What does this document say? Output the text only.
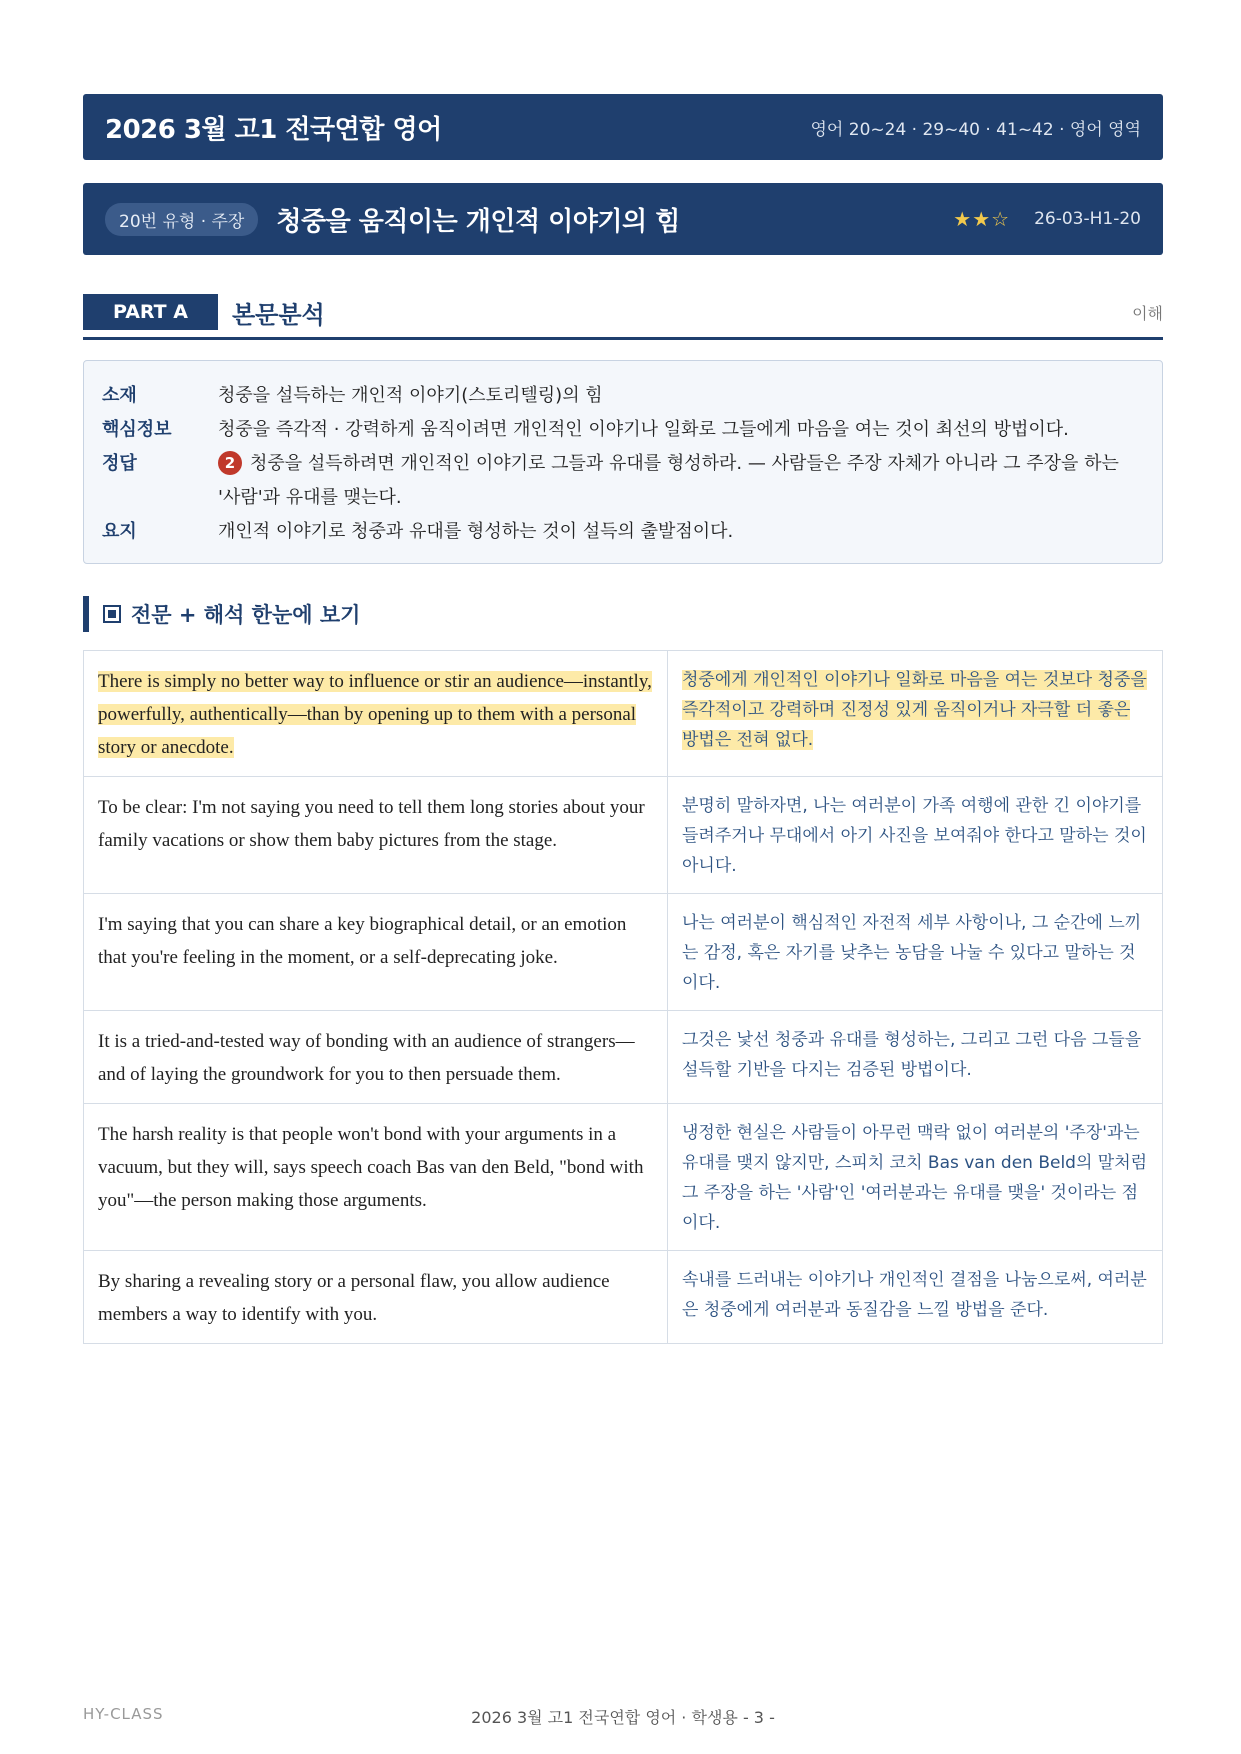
2026 3월 고1 전국연합 영어	영어 20~24 · 29~40 · 41~42 · 영어 영역
20번 유형 · 주장	청중을 움직이는 개인적 이야기의 힘	★★☆ 26-03-H1-20
PART A	본문분석	이해
소재	청중을 설득하는 개인적 이야기(스토리텔링)의 힘
핵심정보	청중을 즉각적 · 강력하게 움직이려면 개인적인 이야기나 일화로 그들에게 마음을 여는 것이 최선의 방법이다.
정답	2 청중을 설득하려면 개인적인 이야기로 그들과 유대를 형성하라. — 사람들은 주장 자체가 아니라 그 주장을 하는 '사람'과 유대를 맺는다.
요지	개인적 이야기로 청중과 유대를 형성하는 것이 설득의 출발점이다.
전문 + 해석 한눈에 보기
There is simply no better way to influence or stir an audience—instantly, powerfully, authentically—than by opening up to them with a personal story or anecdote.	청중에게 개인적인 이야기나 일화로 마음을 여는 것보다 청중을 즉각적이고 강력하며 진정성 있게 움직이거나 자극할 더 좋은 방법은 전혀 없다.
To be clear: I'm not saying you need to tell them long stories about your family vacations or show them baby pictures from the stage.	분명히 말하자면, 나는 여러분이 가족 여행에 관한 긴 이야기를 들려주거나 무대에서 아기 사진을 보여줘야 한다고 말하는 것이 아니다.
I'm saying that you can share a key biographical detail, or an emotion that you're feeling in the moment, or a self-deprecating joke.	나는 여러분이 핵심적인 자전적 세부 사항이나, 그 순간에 느끼는 감정, 혹은 자기를 낮추는 농담을 나눌 수 있다고 말하는 것이다.
It is a tried-and-tested way of bonding with an audience of strangers—and of laying the groundwork for you to then persuade them.	그것은 낯선 청중과 유대를 형성하는, 그리고 그런 다음 그들을 설득할 기반을 다지는 검증된 방법이다.
The harsh reality is that people won't bond with your arguments in a vacuum, but they will, says speech coach Bas van den Beld, "bond with you"—the person making those arguments.	냉정한 현실은 사람들이 아무런 맥락 없이 여러분의 '주장'과는 유대를 맺지 않지만, 스피치 코치 Bas van den Beld의 말처럼 그 주장을 하는 '사람'인 '여러분과는 유대를 맺을' 것이라는 점이다.
By sharing a revealing story or a personal flaw, you allow audience members a way to identify with you.	속내를 드러내는 이야기나 개인적인 결점을 나눔으로써, 여러분은 청중에게 여러분과 동질감을 느낄 방법을 준다.
HY-CLASS	2026 3월 고1 전국연합 영어 · 학생용 - 3 -
